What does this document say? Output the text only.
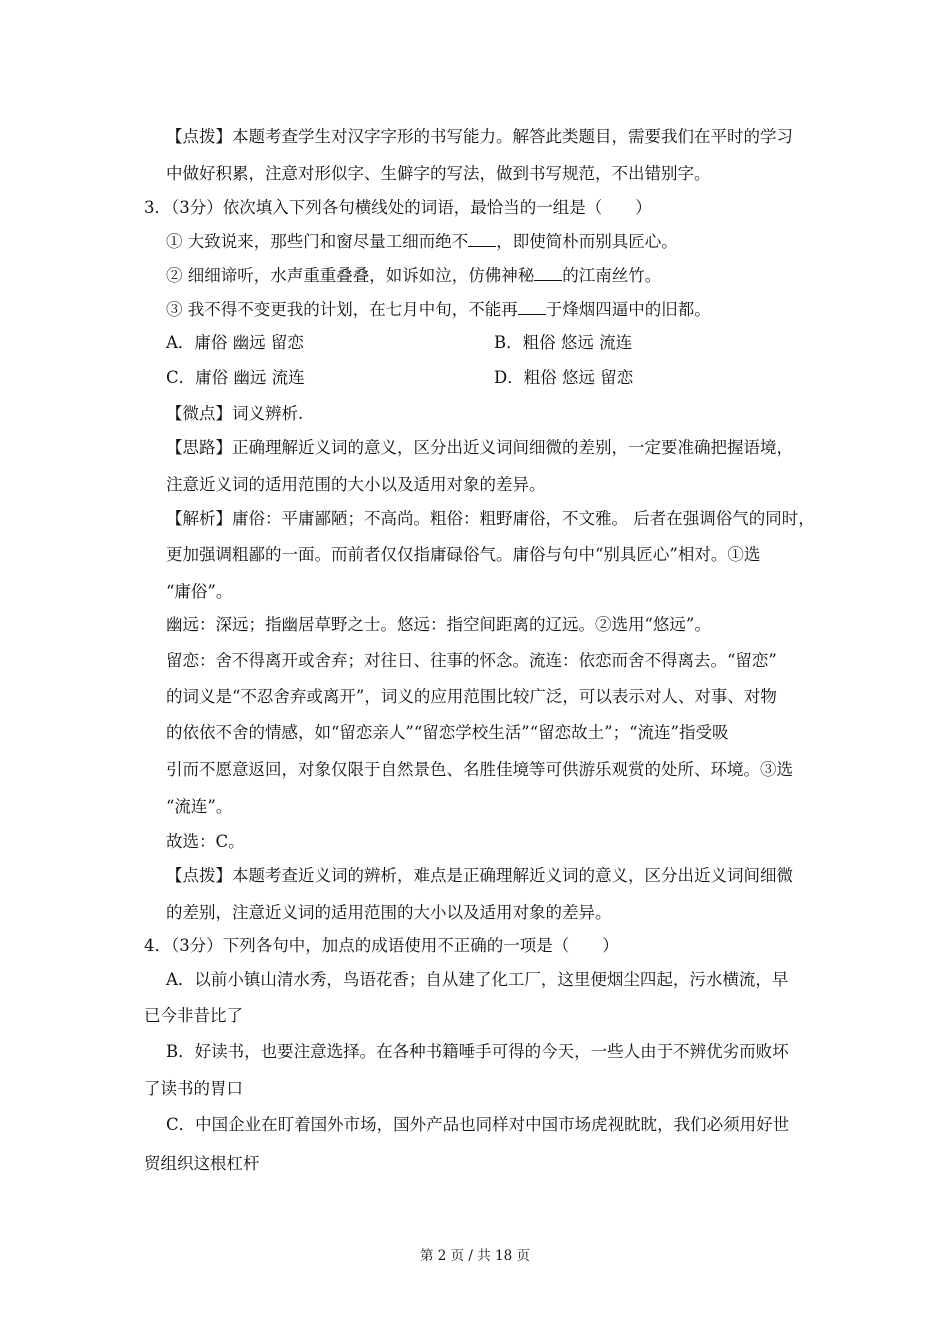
【点拨】本题考查学生对汉字字形的书写能力。解答此类题目，需要我们在平时的学习
中做好积累，注意对形似字、生僻字的写法，做到书写规范，不出错别字。
3．（3分）依次填入下列各句横线处的词语，最恰当的一组是（　　）
① 大致说来，那些门和窗尽量工细而绝不 ，即使简朴而别具匠心。
② 细细谛听，水声重重叠叠，如诉如泣，仿佛神秘 的江南丝竹。
③ 我不得不变更我的计划，在七月中旬，不能再 于烽烟四逼中的旧都。
A．庸俗 幽远 留恋	B．粗俗 悠远 流连
C．庸俗 幽远 流连	D．粗俗 悠远 留恋
【微点】词义辨析.
【思路】正确理解近义词的意义，区分出近义词间细微的差别，一定要准确把握语境，
注意近义词的适用范围的大小以及适用对象的差异。
【解析】庸俗：平庸鄙陋；不高尚。粗俗：粗野庸俗，不文雅。 后者在强调俗气的同时，
更加强调粗鄙的一面。而前者仅仅指庸碌俗气。庸俗与句中“别具匠心”相对。①选
“庸俗”。
幽远：深远；指幽居草野之士。悠远：指空间距离的辽远。②选用“悠远”。
留恋：舍不得离开或舍弃；对往日、往事的怀念。流连：依恋而舍不得离去。“留恋”
的词义是“不忍舍弃或离开”，词义的应用范围比较广泛，可以表示对人、对事、对物
的依依不舍的情感，如“留恋亲人”“留恋学校生活”“留恋故土”；“流连”指受吸
引而不愿意返回，对象仅限于自然景色、名胜佳境等可供游乐观赏的处所、环境。③选
“流连”。
故选：C。
【点拨】本题考查近义词的辨析，难点是正确理解近义词的意义，区分出近义词间细微
的差别，注意近义词的适用范围的大小以及适用对象的差异。
4．（3分）下列各句中，加点的成语使用不正确的一项是（　　）
A．以前小镇山清水秀，鸟语花香；自从建了化工厂，这里便烟尘四起，污水横流，早
已今非昔比了
B．好读书，也要注意选择。在各种书籍唾手可得的今天，一些人由于不辨优劣而败坏
了读书的胃口
C．中国企业在盯着国外市场，国外产品也同样对中国市场虎视眈眈，我们必须用好世
贸组织这根杠杆
第 2 页 / 共 18 页
